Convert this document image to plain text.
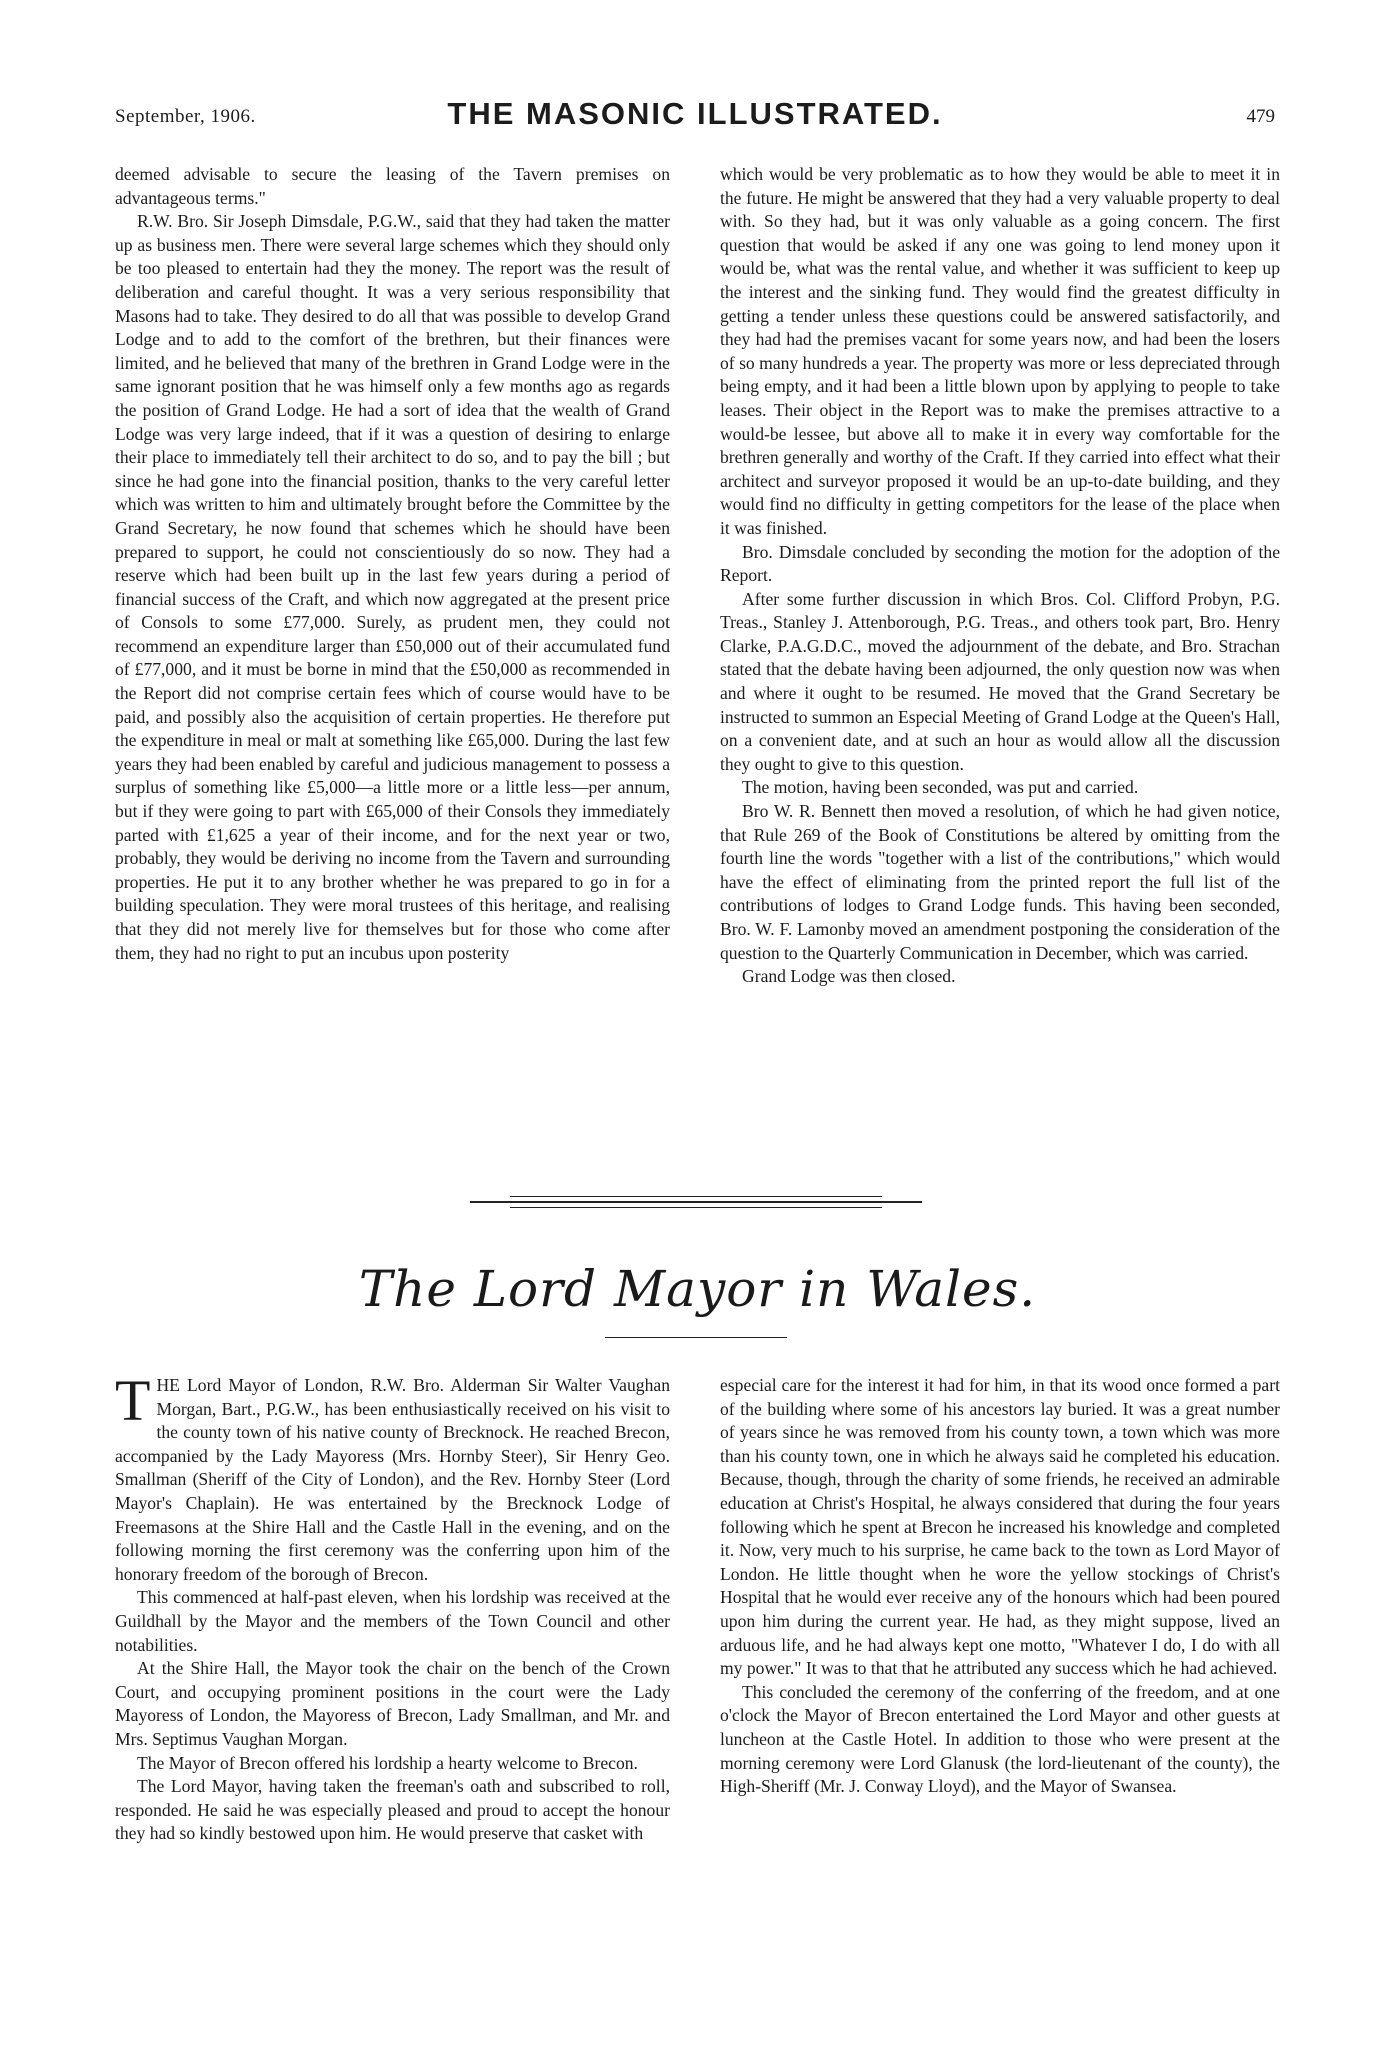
September, 1906.	THE MASONIC ILLUSTRATED.	479

deemed advisable to secure the leasing of the Tavern premises on advantageous terms."

R.W. Bro. Sir Joseph Dimsdale, P.G.W., said that they had taken the matter up as business men. There were several large schemes which they should only be too pleased to entertain had they the money. The report was the result of deliberation and careful thought. It was a very serious responsibility that Masons had to take. They desired to do all that was possible to develop Grand Lodge and to add to the comfort of the brethren, but their finances were limited, and he believed that many of the brethren in Grand Lodge were in the same ignorant position that he was himself only a few months ago as regards the position of Grand Lodge. He had a sort of idea that the wealth of Grand Lodge was very large indeed, that if it was a question of desiring to enlarge their place to immediately tell their architect to do so, and to pay the bill ; but since he had gone into the financial position, thanks to the very careful letter which was written to him and ultimately brought before the Committee by the Grand Secretary, he now found that schemes which he should have been prepared to support, he could not conscientiously do so now. They had a reserve which had been built up in the last few years during a period of financial success of the Craft, and which now aggregated at the present price of Consols to some £77,000. Surely, as prudent men, they could not recommend an expenditure larger than £50,000 out of their accumulated fund of £77,000, and it must be borne in mind that the £50,000 as recommended in the Report did not comprise certain fees which of course would have to be paid, and possibly also the acquisition of certain properties. He therefore put the expenditure in meal or malt at something like £65,000. During the last few years they had been enabled by careful and judicious management to possess a surplus of something like £5,000—a little more or a little less—per annum, but if they were going to part with £65,000 of their Consols they immediately parted with £1,625 a year of their income, and for the next year or two, probably, they would be deriving no income from the Tavern and surrounding properties. He put it to any brother whether he was prepared to go in for a building speculation. They were moral trustees of this heritage, and realising that they did not merely live for themselves but for those who come after them, they had no right to put an incubus upon posterity

which would be very problematic as to how they would be able to meet it in the future. He might be answered that they had a very valuable property to deal with. So they had, but it was only valuable as a going concern. The first question that would be asked if any one was going to lend money upon it would be, what was the rental value, and whether it was sufficient to keep up the interest and the sinking fund. They would find the greatest difficulty in getting a tender unless these questions could be answered satisfactorily, and they had had the premises vacant for some years now, and had been the losers of so many hundreds a year. The property was more or less depreciated through being empty, and it had been a little blown upon by applying to people to take leases. Their object in the Report was to make the premises attractive to a would-be lessee, but above all to make it in every way comfortable for the brethren generally and worthy of the Craft. If they carried into effect what their architect and surveyor proposed it would be an up-to-date building, and they would find no difficulty in getting competitors for the lease of the place when it was finished.

Bro. Dimsdale concluded by seconding the motion for the adoption of the Report.

After some further discussion in which Bros. Col. Clifford Probyn, P.G. Treas., Stanley J. Attenborough, P.G. Treas., and others took part, Bro. Henry Clarke, P.A.G.D.C., moved the adjournment of the debate, and Bro. Strachan stated that the debate having been adjourned, the only question now was when and where it ought to be resumed. He moved that the Grand Secretary be instructed to summon an Especial Meeting of Grand Lodge at the Queen's Hall, on a convenient date, and at such an hour as would allow all the discussion they ought to give to this question.

The motion, having been seconded, was put and carried.

Bro W. R. Bennett then moved a resolution, of which he had given notice, that Rule 269 of the Book of Constitutions be altered by omitting from the fourth line the words "together with a list of the contributions," which would have the effect of eliminating from the printed report the full list of the contributions of lodges to Grand Lodge funds. This having been seconded, Bro. W. F. Lamonby moved an amendment postponing the consideration of the question to the Quarterly Communication in December, which was carried.

Grand Lodge was then closed.

The Lord Mayor in Wales.

THE Lord Mayor of London, R.W. Bro. Alderman Sir Walter Vaughan Morgan, Bart., P.G.W., has been enthusiastically received on his visit to the county town of his native county of Brecknock. He reached Brecon, accompanied by the Lady Mayoress (Mrs. Hornby Steer), Sir Henry Geo. Smallman (Sheriff of the City of London), and the Rev. Hornby Steer (Lord Mayor's Chaplain). He was entertained by the Brecknock Lodge of Freemasons at the Shire Hall and the Castle Hall in the evening, and on the following morning the first ceremony was the conferring upon him of the honorary freedom of the borough of Brecon.

This commenced at half-past eleven, when his lordship was received at the Guildhall by the Mayor and the members of the Town Council and other notabilities.

At the Shire Hall, the Mayor took the chair on the bench of the Crown Court, and occupying prominent positions in the court were the Lady Mayoress of London, the Mayoress of Brecon, Lady Smallman, and Mr. and Mrs. Septimus Vaughan Morgan.

The Mayor of Brecon offered his lordship a hearty welcome to Brecon.

The Lord Mayor, having taken the freeman's oath and subscribed to roll, responded. He said he was especially pleased and proud to accept the honour they had so kindly bestowed upon him. He would preserve that casket with

especial care for the interest it had for him, in that its wood once formed a part of the building where some of his ancestors lay buried. It was a great number of years since he was removed from his county town, a town which was more than his county town, one in which he always said he completed his education. Because, though, through the charity of some friends, he received an admirable education at Christ's Hospital, he always considered that during the four years following which he spent at Brecon he increased his knowledge and completed it. Now, very much to his surprise, he came back to the town as Lord Mayor of London. He little thought when he wore the yellow stockings of Christ's Hospital that he would ever receive any of the honours which had been poured upon him during the current year. He had, as they might suppose, lived an arduous life, and he had always kept one motto, "Whatever I do, I do with all my power." It was to that that he attributed any success which he had achieved.

This concluded the ceremony of the conferring of the freedom, and at one o'clock the Mayor of Brecon entertained the Lord Mayor and other guests at luncheon at the Castle Hotel. In addition to those who were present at the morning ceremony were Lord Glanusk (the lord-lieutenant of the county), the High-Sheriff (Mr. J. Conway Lloyd), and the Mayor of Swansea.
